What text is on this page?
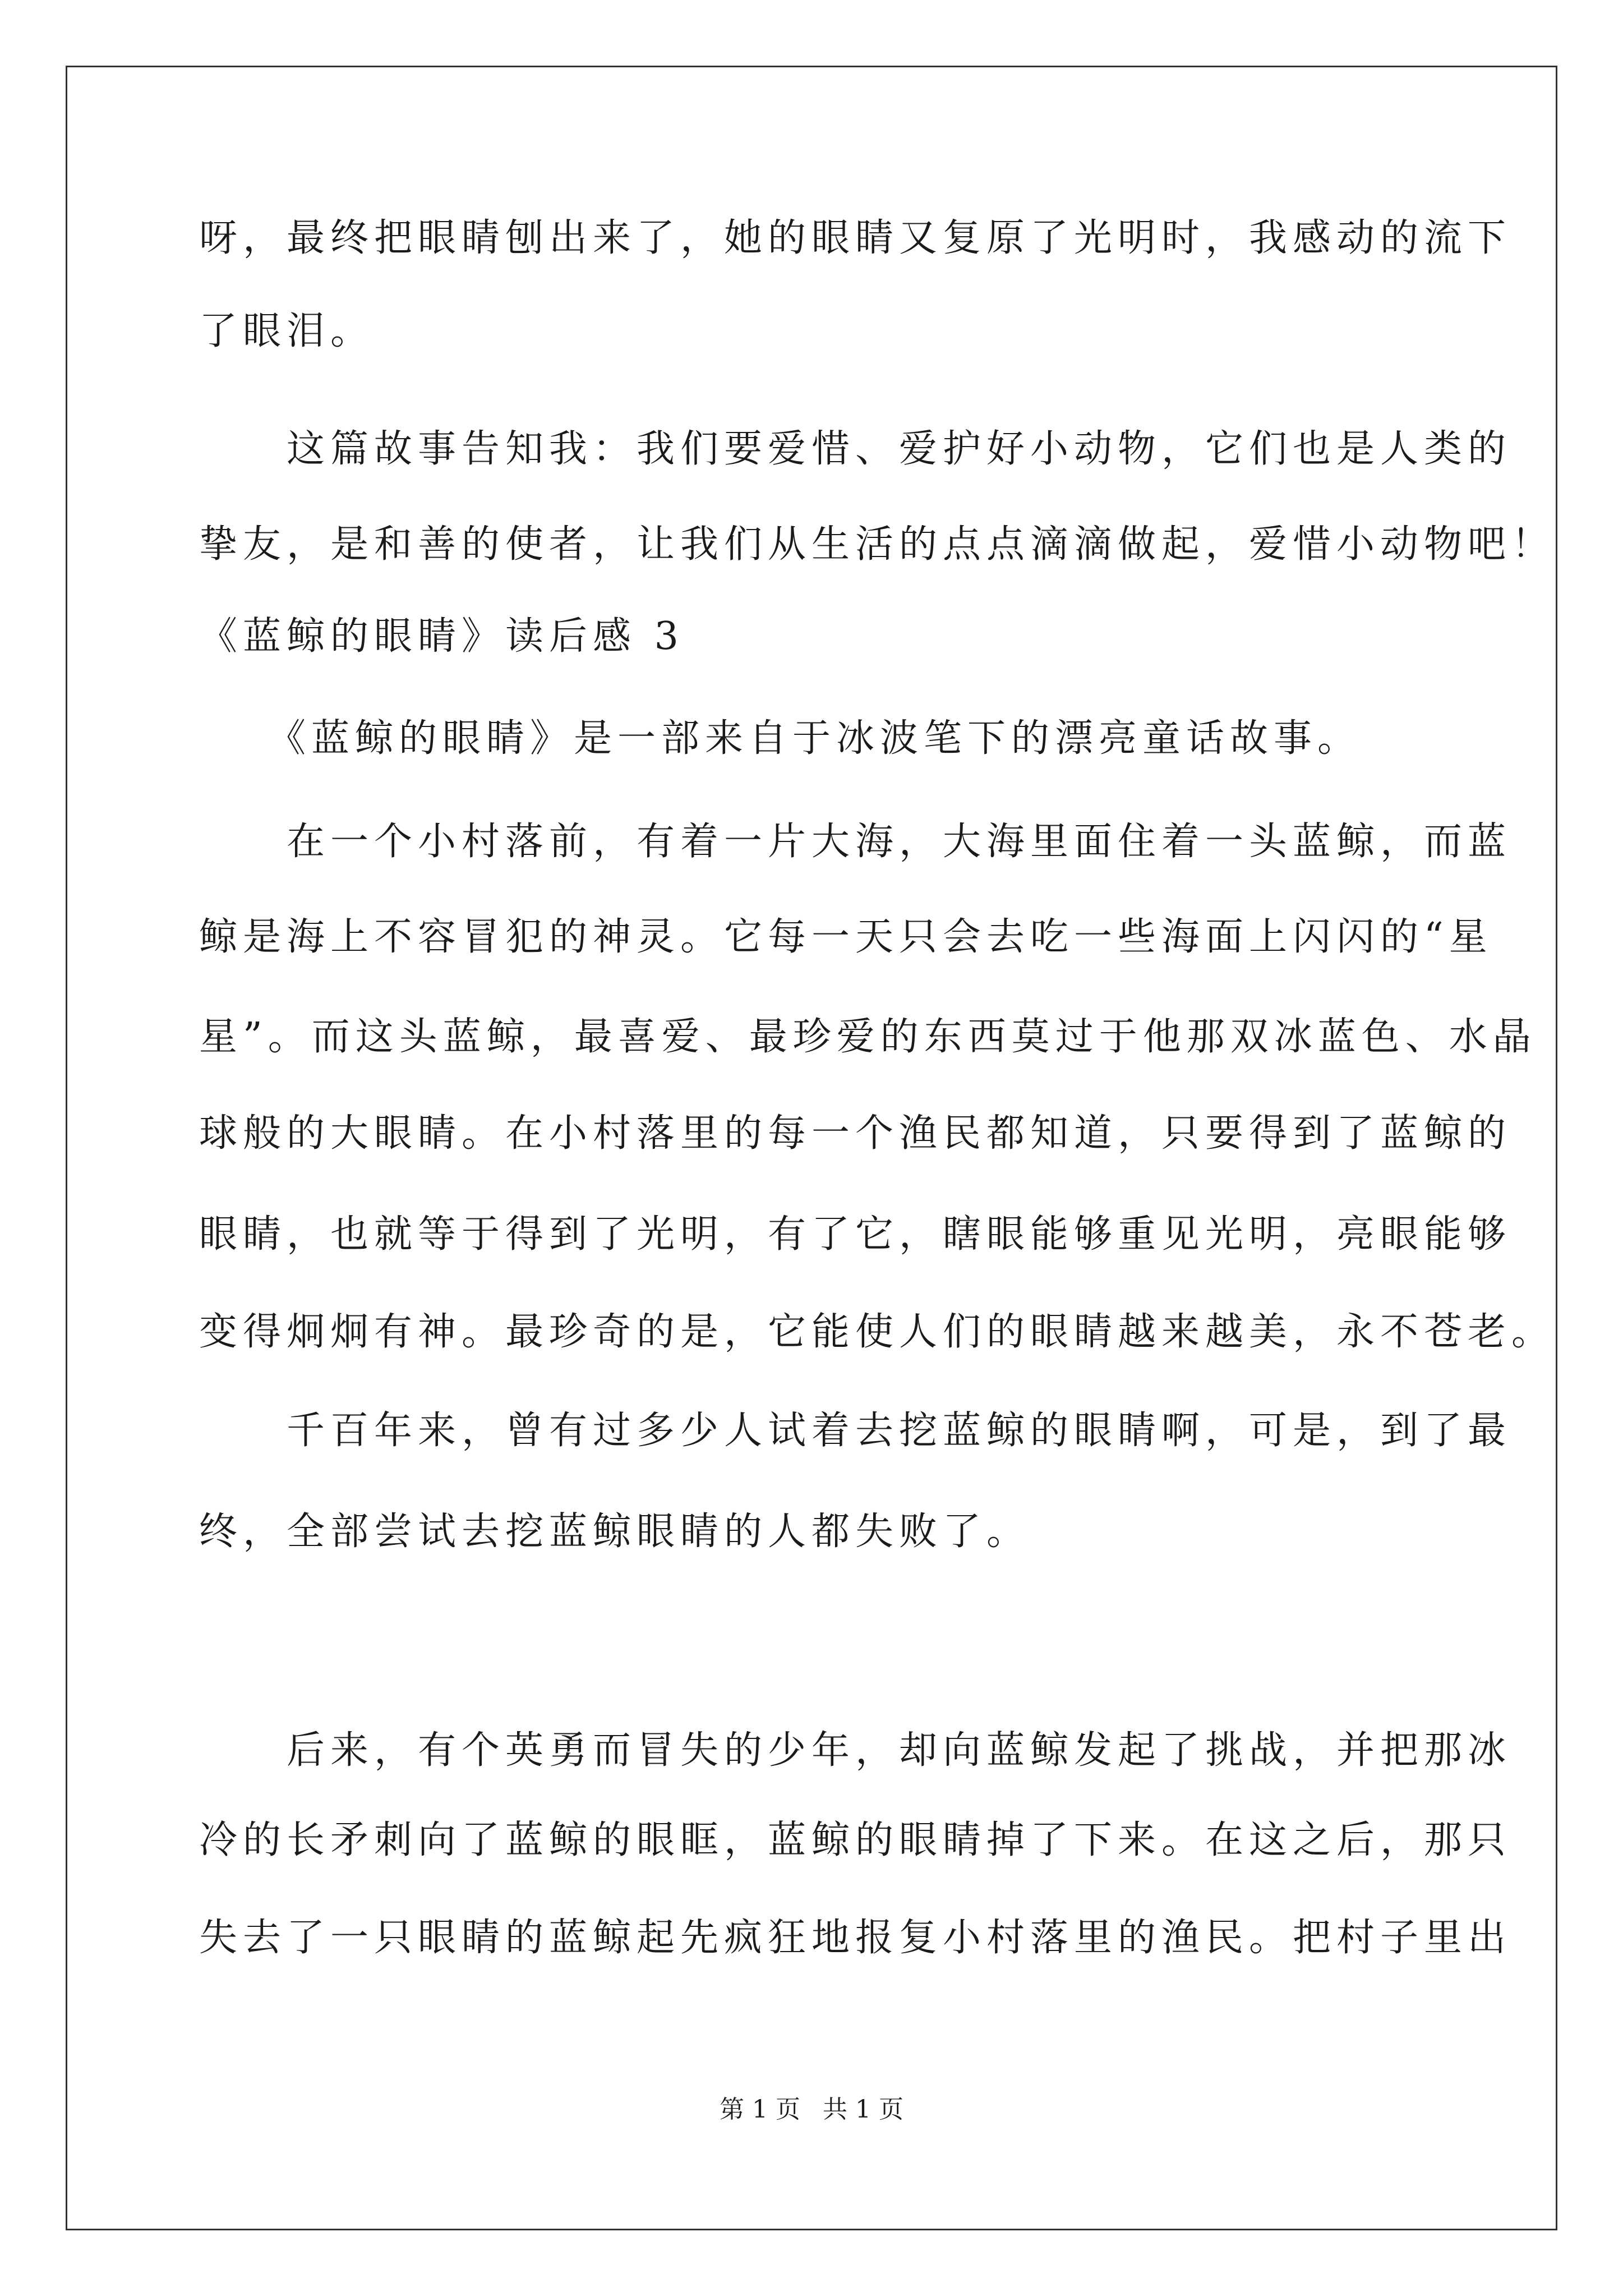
呀，最终把眼睛刨出来了，她的眼睛又复原了光明时，我感动的流下
了眼泪。
　　这篇故事告知我：我们要爱惜、爱护好小动物，它们也是人类的
挚友，是和善的使者，让我们从生活的点点滴滴做起，爱惜小动物吧！
《蓝鲸的眼睛》读后感 3
　　《蓝鲸的眼睛》是一部来自于冰波笔下的漂亮童话故事。
　　在一个小村落前，有着一片大海，大海里面住着一头蓝鲸，而蓝
鲸是海上不容冒犯的神灵。它每一天只会去吃一些海面上闪闪的“星
星”。而这头蓝鲸，最喜爱、最珍爱的东西莫过于他那双冰蓝色、水晶
球般的大眼睛。在小村落里的每一个渔民都知道，只要得到了蓝鲸的
眼睛，也就等于得到了光明，有了它，瞎眼能够重见光明，亮眼能够
变得炯炯有神。最珍奇的是，它能使人们的眼睛越来越美，永不苍老。
　　千百年来，曾有过多少人试着去挖蓝鲸的眼睛啊，可是，到了最
终，全部尝试去挖蓝鲸眼睛的人都失败了。
　　后来，有个英勇而冒失的少年，却向蓝鲸发起了挑战，并把那冰
冷的长矛刺向了蓝鲸的眼眶，蓝鲸的眼睛掉了下来。在这之后，那只
失去了一只眼睛的蓝鲸起先疯狂地报复小村落里的渔民。把村子里出
第 1 页 共 1 页
